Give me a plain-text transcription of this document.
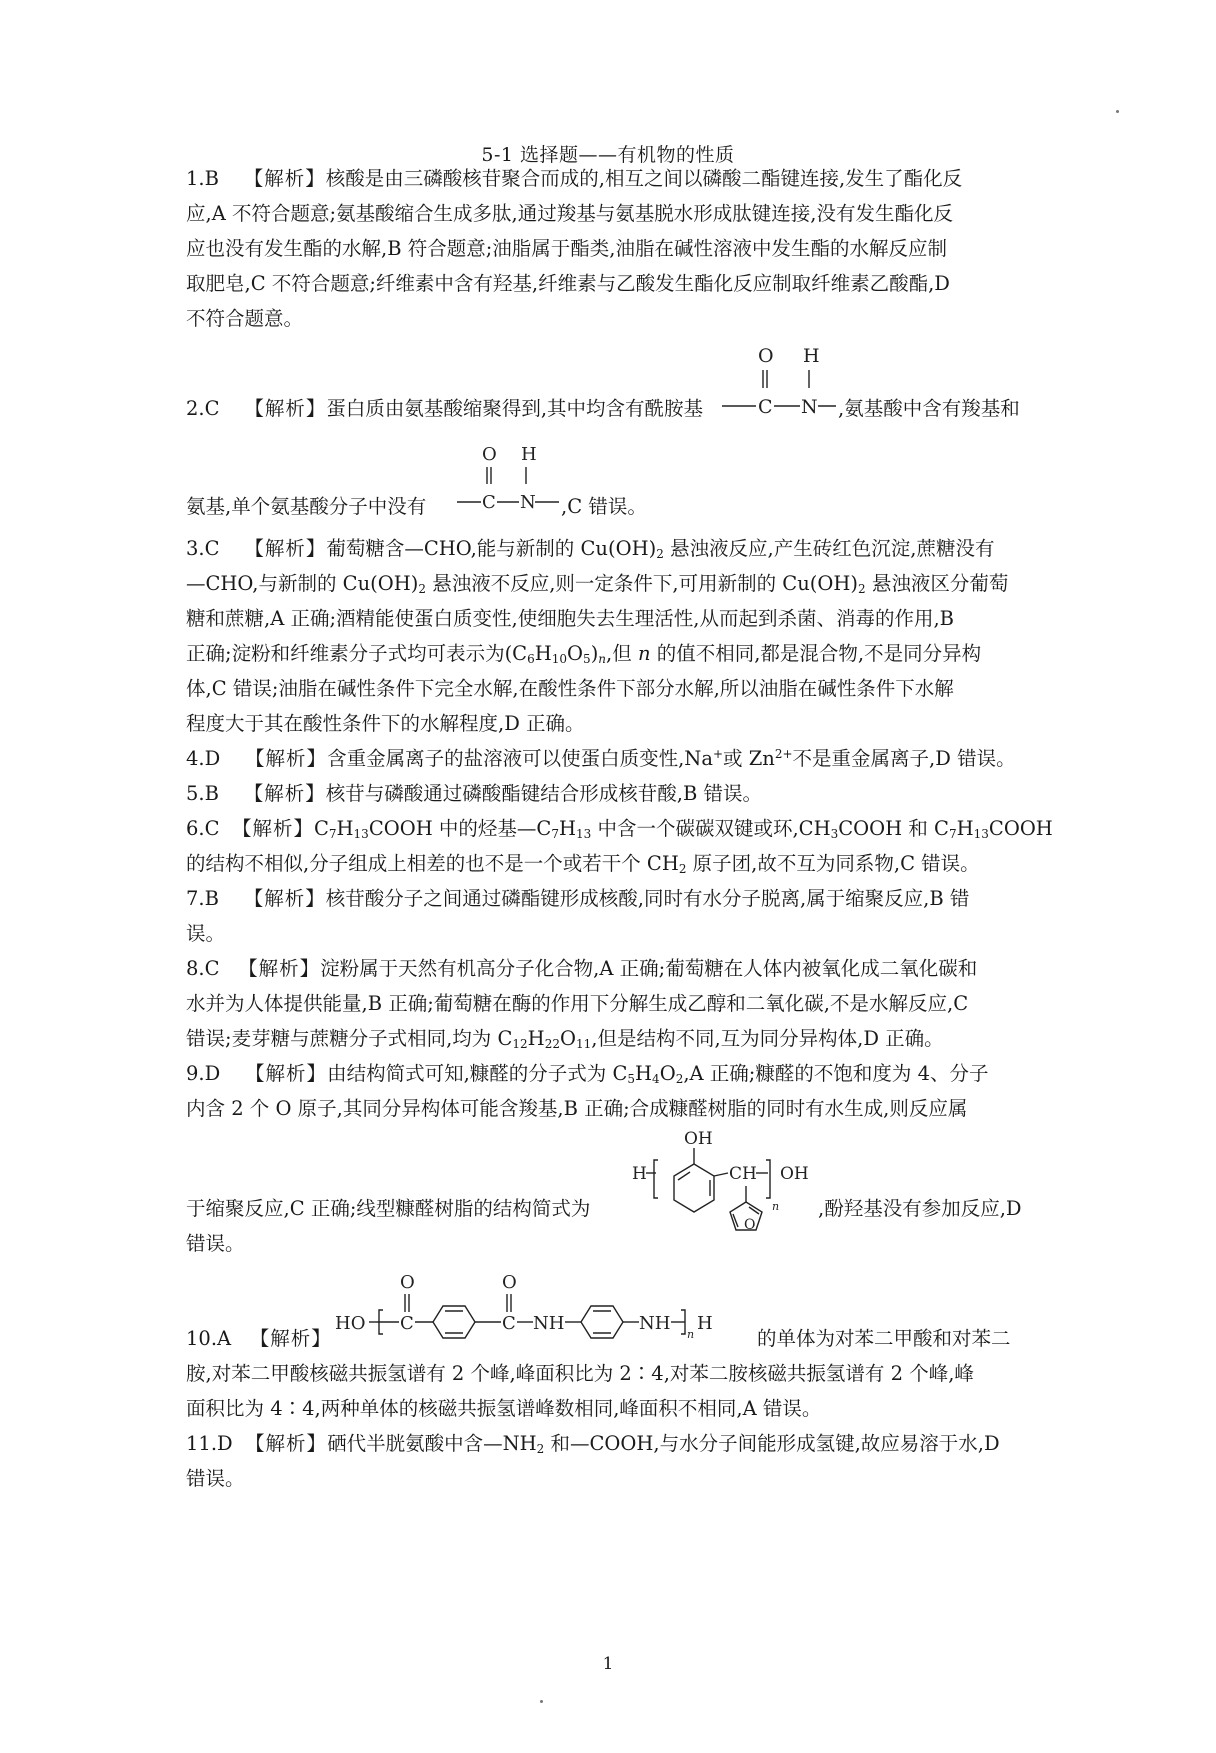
5-1 选择题——有机物的性质
1.B    【解析】核酸是由三磷酸核苷聚合而成的,相互之间以磷酸二酯键连接,发生了酯化反
应,A 不符合题意;氨基酸缩合生成多肽,通过羧基与氨基脱水形成肽键连接,没有发生酯化反
应也没有发生酯的水解,B 符合题意;油脂属于酯类,油脂在碱性溶液中发生酯的水解反应制
取肥皂,C 不符合题意;纤维素中含有羟基,纤维素与乙酸发生酯化反应制取纤维素乙酸酯,D
不符合题意。
2.C    【解析】蛋白质由氨基酸缩聚得到,其中均含有酰胺基
O H
C N ,氨基酸中含有羧基和
氨基,单个氨基酸分子中没有
O H
C N ,C 错误。
3.C    【解析】葡萄糖含—CHO,能与新制的 $Cu(OH)_2$ 悬浊液反应,产生砖红色沉淀,蔗糖没有
—CHO,与新制的 $Cu(OH)_2$ 悬浊液不反应,则一定条件下,可用新制的 $Cu(OH)_2$ 悬浊液区分葡萄
糖和蔗糖,A 正确;酒精能使蛋白质变性,使细胞失去生理活性,从而起到杀菌、消毒的作用,B
正确;淀粉和纤维素分子式均可表示为$(C_6H_{10}O_5)_n$,但 n 的值不相同,都是混合物,不是同分异构
体,C 错误;油脂在碱性条件下完全水解,在酸性条件下部分水解,所以油脂在碱性条件下水解
程度大于其在酸性条件下的水解程度,D 正确。
4.D    【解析】含重金属离子的盐溶液可以使蛋白质变性,Na+或 $Zn^{2+}$不是重金属离子,D 错误。
5.B    【解析】核苷与磷酸通过磷酸酯键结合形成核苷酸,B 错误。
6.C  【解析】$C_7H_{13}COOH$ 中的烃基$—C_7H_{13}$ 中含一个碳碳双键或环$,CH_3COOH$ 和 $C_7H_{13}COOH$
的结构不相似,分子组成上相差的也不是一个或若干个 $CH_2$ 原子团,故不互为同系物,C 错误。
7.B    【解析】核苷酸分子之间通过磷酯键形成核酸,同时有水分子脱离,属于缩聚反应,B 错
误。
8.C   【解析】淀粉属于天然有机高分子化合物,A 正确;葡萄糖在人体内被氧化成二氧化碳和
水并为人体提供能量,B 正确;葡萄糖在酶的作用下分解生成乙醇和二氧化碳,不是水解反应,C
错误;麦芽糖与蔗糖分子式相同,均为 $C_{12}H_{22}O_{11}$,但是结构不同,互为同分异构体,D 正确。
9.D    【解析】由结构简式可知,糠醛的分子式为 $C_5H_4O_2,A$ 正确;糠醛的不饱和度为 4、分子
内含 2 个 O 原子,其同分异构体可能含羧基,B 正确;合成糠醛树脂的同时有水生成,则反应属
OH
H	CH
n
OH
O
于缩聚反应,C 正确;线型糠醛树脂的结构简式为	,酚羟基没有参加反应,D
错误。
10.A   【解析】
O	O
HO C	C NH	NH
n
H
的单体为对苯二甲酸和对苯二
胺,对苯二甲酸核磁共振氢谱有 2 个峰,峰面积比为 2∶4,对苯二胺核磁共振氢谱有 2 个峰,峰
面积比为 4∶4,两种单体的核磁共振氢谱峰数相同,峰面积不相同,A 错误。
11.D  【解析】硒代半胱氨酸中含$—NH_2$ 和—COOH,与水分子间能形成氢键,故应易溶于水,D
错误。
1
